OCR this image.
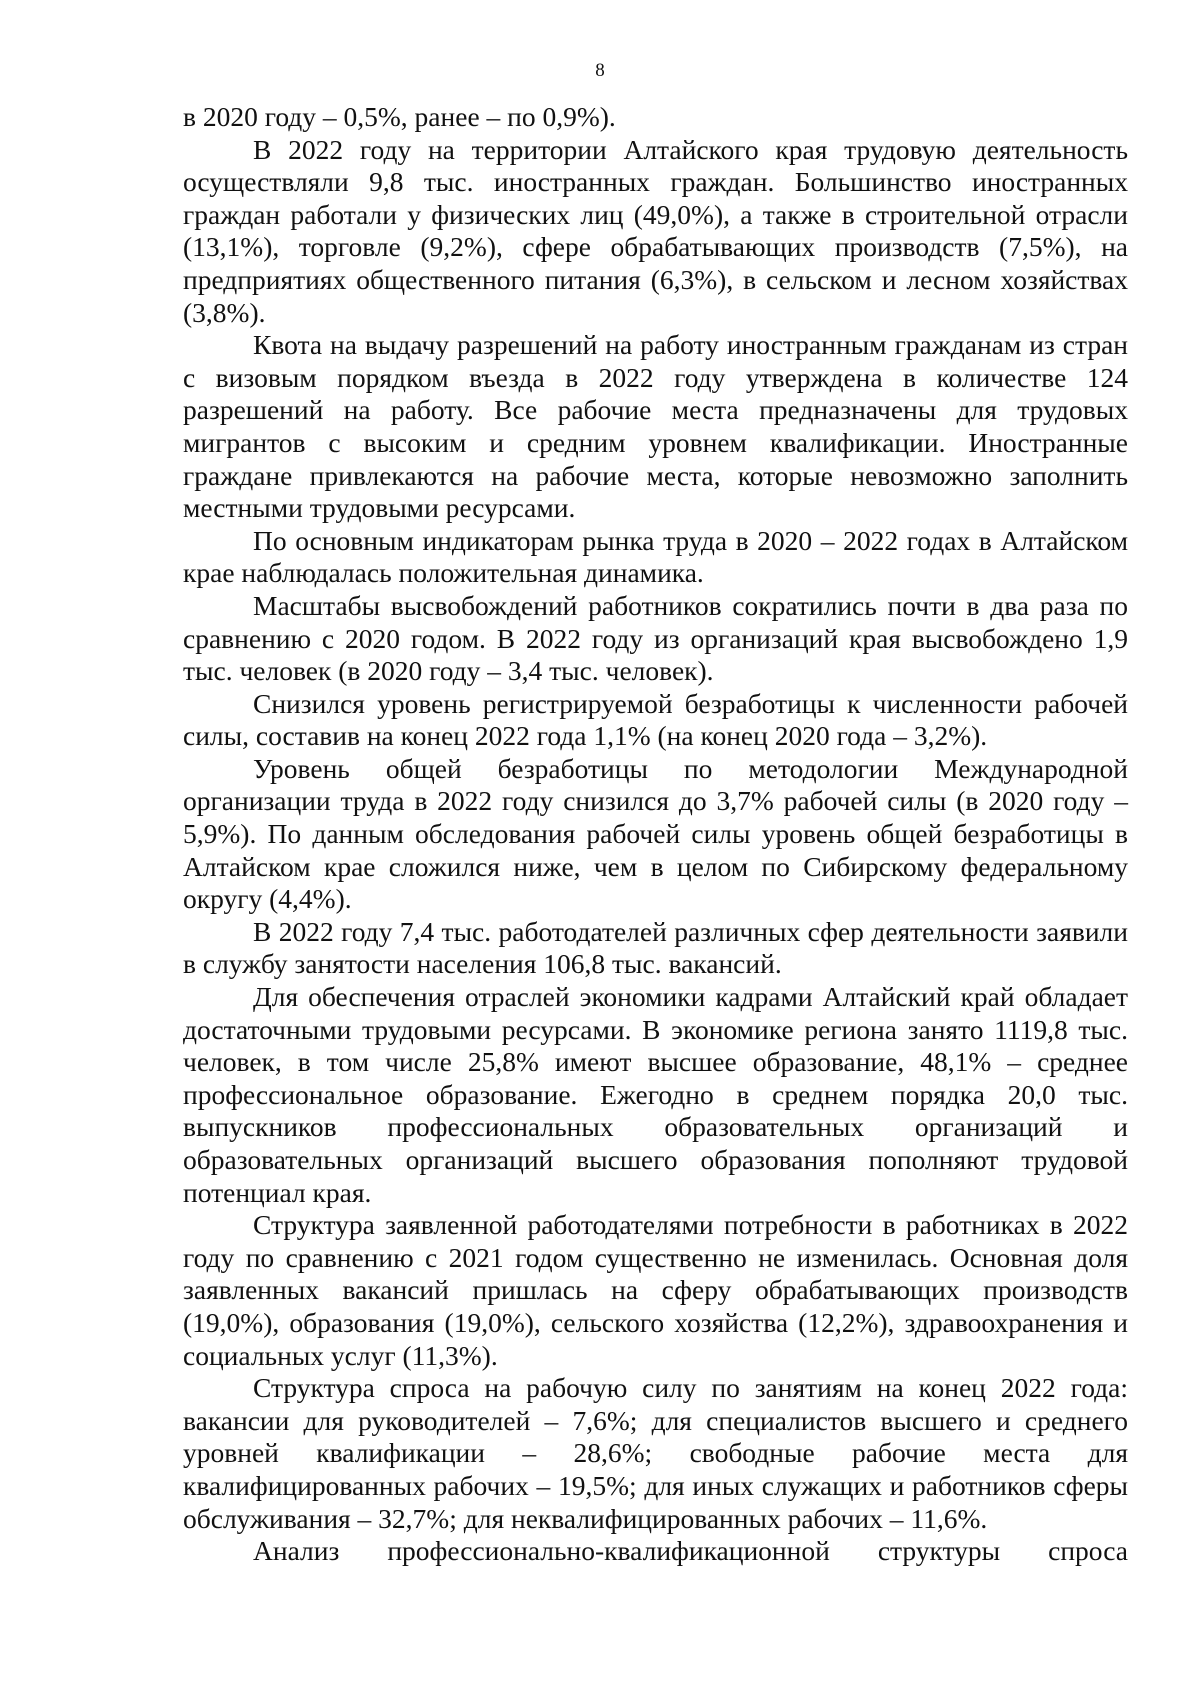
8

в 2020 году – 0,5%, ранее – по 0,9%).

В 2022 году на территории Алтайского края трудовую деятельность осуществляли 9,8 тыс. иностранных граждан. Большинство иностранных граждан работали у физических лиц (49,0%), а также в строительной отрасли (13,1%), торговле (9,2%), сфере обрабатывающих производств (7,5%), на предприятиях общественного питания (6,3%), в сельском и лесном хозяйствах (3,8%).

Квота на выдачу разрешений на работу иностранным гражданам из стран с визовым порядком въезда в 2022 году утверждена в количестве 124 разрешений на работу. Все рабочие места предназначены для трудовых мигрантов с высоким и средним уровнем квалификации. Иностранные граждане привлекаются на рабочие места, которые невозможно заполнить местными трудовыми ресурсами.

По основным индикаторам рынка труда в 2020 – 2022 годах в Алтайском крае наблюдалась положительная динамика.

Масштабы высвобождений работников сократились почти в два раза по сравнению с 2020 годом. В 2022 году из организаций края высвобождено 1,9 тыс. человек (в 2020 году – 3,4 тыс. человек).

Снизился уровень регистрируемой безработицы к численности рабочей силы, составив на конец 2022 года 1,1% (на конец 2020 года – 3,2%).

Уровень общей безработицы по методологии Международной организации труда в 2022 году снизился до 3,7% рабочей силы (в 2020 году – 5,9%). По данным обследования рабочей силы уровень общей безработицы в Алтайском крае сложился ниже, чем в целом по Сибирскому федеральному округу (4,4%).

В 2022 году 7,4 тыс. работодателей различных сфер деятельности заявили в службу занятости населения 106,8 тыс. вакансий.

Для обеспечения отраслей экономики кадрами Алтайский край обладает достаточными трудовыми ресурсами. В экономике региона занято 1119,8 тыс. человек, в том числе 25,8% имеют высшее образование, 48,1% – среднее профессиональное образование. Ежегодно в среднем порядка 20,0 тыс. выпускников профессиональных образовательных организаций и образовательных организаций высшего образования пополняют трудовой потенциал края.

Структура заявленной работодателями потребности в работниках в 2022 году по сравнению с 2021 годом существенно не изменилась. Основная доля заявленных вакансий пришлась на сферу обрабатывающих производств (19,0%), образования (19,0%), сельского хозяйства (12,2%), здравоохранения и социальных услуг (11,3%).

Структура спроса на рабочую силу по занятиям на конец 2022 года: вакансии для руководителей – 7,6%; для специалистов высшего и среднего уровней квалификации – 28,6%; свободные рабочие места для квалифицированных рабочих – 19,5%; для иных служащих и работников сферы обслуживания – 32,7%; для неквалифицированных рабочих – 11,6%.

Анализ профессионально-квалификационной структуры спроса
